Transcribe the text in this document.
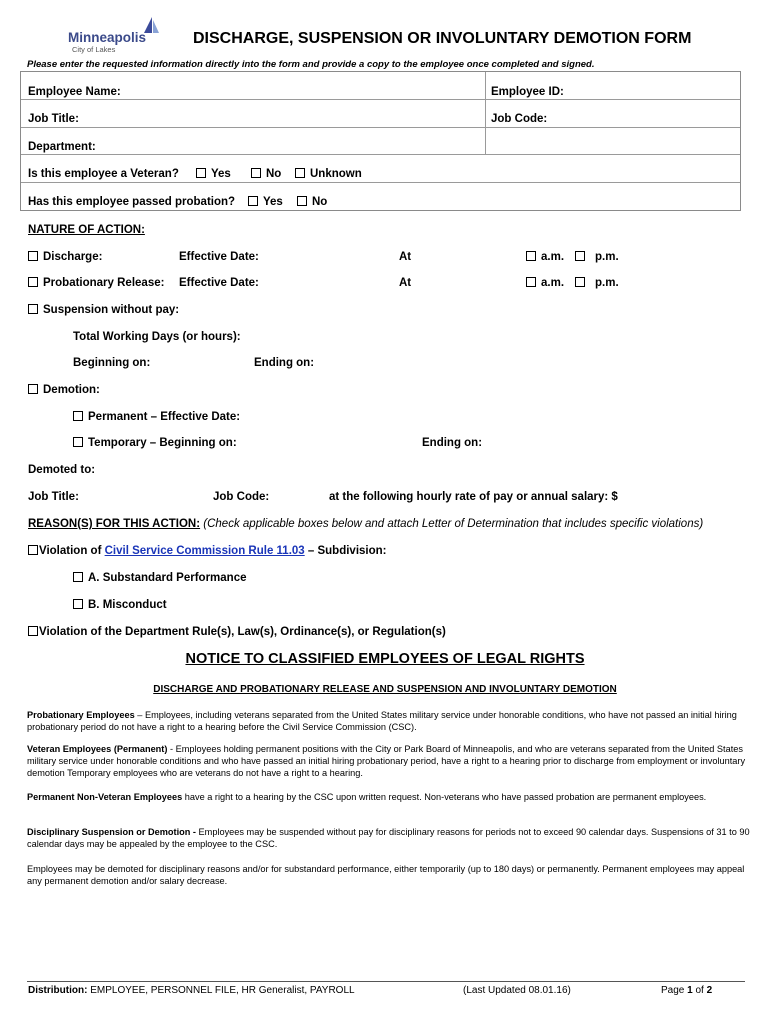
Minneapolis
City of Lakes
DISCHARGE, SUSPENSION OR INVOLUNTARY DEMOTION FORM
Please enter the requested information directly into the form and provide a copy to the employee once completed and signed.
Employee Name:	Employee ID:
Job Title:	Job Code:
Department:
Is this employee a Veteran?	Yes	No	Unknown
Has this employee passed probation?	Yes	No
NATURE OF ACTION:
Discharge:	Effective Date:	At	a.m.	p.m.
Probationary Release: Effective Date:	At	a.m.	p.m.
Suspension without pay:
Total Working Days (or hours):
Beginning on:	Ending on:
Demotion:
Permanent – Effective Date:
Temporary – Beginning on:	Ending on:
Demoted to:
Job Title:	Job Code:	at the following hourly rate of pay or annual salary: $
REASON(S) FOR THIS ACTION: (Check applicable boxes below and attach Letter of Determination that includes specific violations)
Violation of Civil Service Commission Rule 11.03 – Subdivision:
A. Substandard Performance
B. Misconduct
Violation of the Department Rule(s), Law(s), Ordinance(s), or Regulation(s)
NOTICE TO CLASSIFIED EMPLOYEES OF LEGAL RIGHTS
DISCHARGE AND PROBATIONARY RELEASE AND SUSPENSION AND INVOLUNTARY DEMOTION
Probationary Employees – Employees, including veterans separated from the United States military service under honorable conditions, who have not passed an initial hiring probationary period do not have a right to a hearing before the Civil Service Commission (CSC).
Veteran Employees (Permanent) - Employees holding permanent positions with the City or Park Board of Minneapolis, and who are veterans separated from the United States military service under honorable conditions and who have passed an initial hiring probationary period, have a right to a hearing prior to discharge from employment or involuntary demotion Temporary employees who are veterans do not have a right to a hearing.
Permanent Non-Veteran Employees have a right to a hearing by the CSC upon written request. Non-veterans who have passed probation are permanent employees.
Disciplinary Suspension or Demotion - Employees may be suspended without pay for disciplinary reasons for periods not to exceed 90 calendar days. Suspensions of 31 to 90 calendar days may be appealed by the employee to the CSC.
Employees may be demoted for disciplinary reasons and/or for substandard performance, either temporarily (up to 180 days) or permanently. Permanent employees may appeal any permanent demotion and/or salary decrease.
Distribution: EMPLOYEE, PERSONNEL FILE, HR Generalist, PAYROLL	(Last Updated 08.01.16)	Page 1 of 2
